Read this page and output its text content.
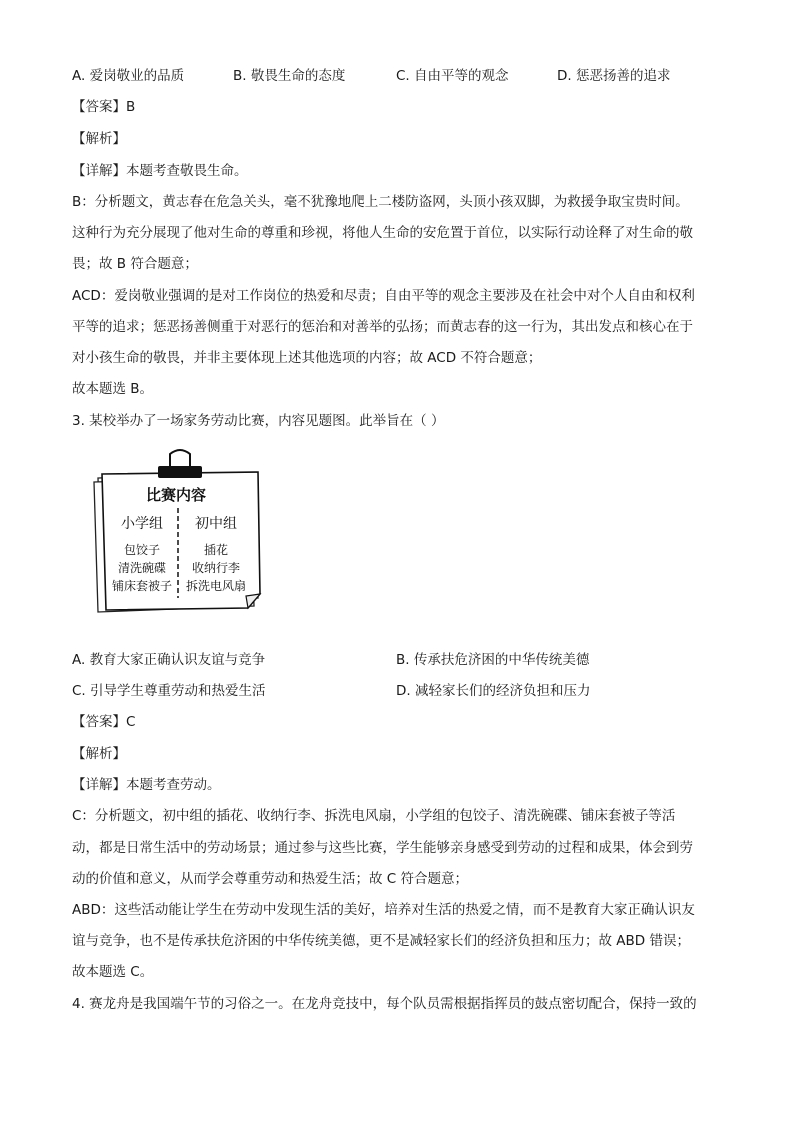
A. 爱岗敬业的品质	B. 敬畏生命的态度	C. 自由平等的观念	D. 惩恶扬善的追求
【答案】B
【解析】
【详解】本题考查敬畏生命。
B：分析题文，黄志春在危急关头，毫不犹豫地爬上二楼防盗网，头顶小孩双脚，为救援争取宝贵时间。
这种行为充分展现了他对生命的尊重和珍视，将他人生命的安危置于首位，以实际行动诠释了对生命的敬
畏；故 B 符合题意；
ACD：爱岗敬业强调的是对工作岗位的热爱和尽责；自由平等的观念主要涉及在社会中对个人自由和权利
平等的追求；惩恶扬善侧重于对恶行的惩治和对善举的弘扬；而黄志春的这一行为，其出发点和核心在于
对小孩生命的敬畏，并非主要体现上述其他选项的内容；故 ACD 不符合题意；
故本题选 B。
3. 某校举办了一场家务劳动比赛，内容见题图。此举旨在（ ）
比赛内容
小学组 初中组
包饺子
清洗碗碟
铺床套被子
插花
收纳行李
拆洗电风扇
A. 教育大家正确认识友谊与竞争	B. 传承扶危济困的中华传统美德
C. 引导学生尊重劳动和热爱生活	D. 减轻家长们的经济负担和压力
【答案】C
【解析】
【详解】本题考查劳动。
C：分析题文，初中组的插花、收纳行李、拆洗电风扇，小学组的包饺子、清洗碗碟、铺床套被子等活
动，都是日常生活中的劳动场景；通过参与这些比赛，学生能够亲身感受到劳动的过程和成果，体会到劳
动的价值和意义，从而学会尊重劳动和热爱生活；故 C 符合题意；
ABD：这些活动能让学生在劳动中发现生活的美好，培养对生活的热爱之情，而不是教育大家正确认识友
谊与竞争，也不是传承扶危济困的中华传统美德，更不是减轻家长们的经济负担和压力；故 ABD 错误；
故本题选 C。
4. 赛龙舟是我国端午节的习俗之一。在龙舟竞技中，每个队员需根据指挥员的鼓点密切配合，保持一致的
